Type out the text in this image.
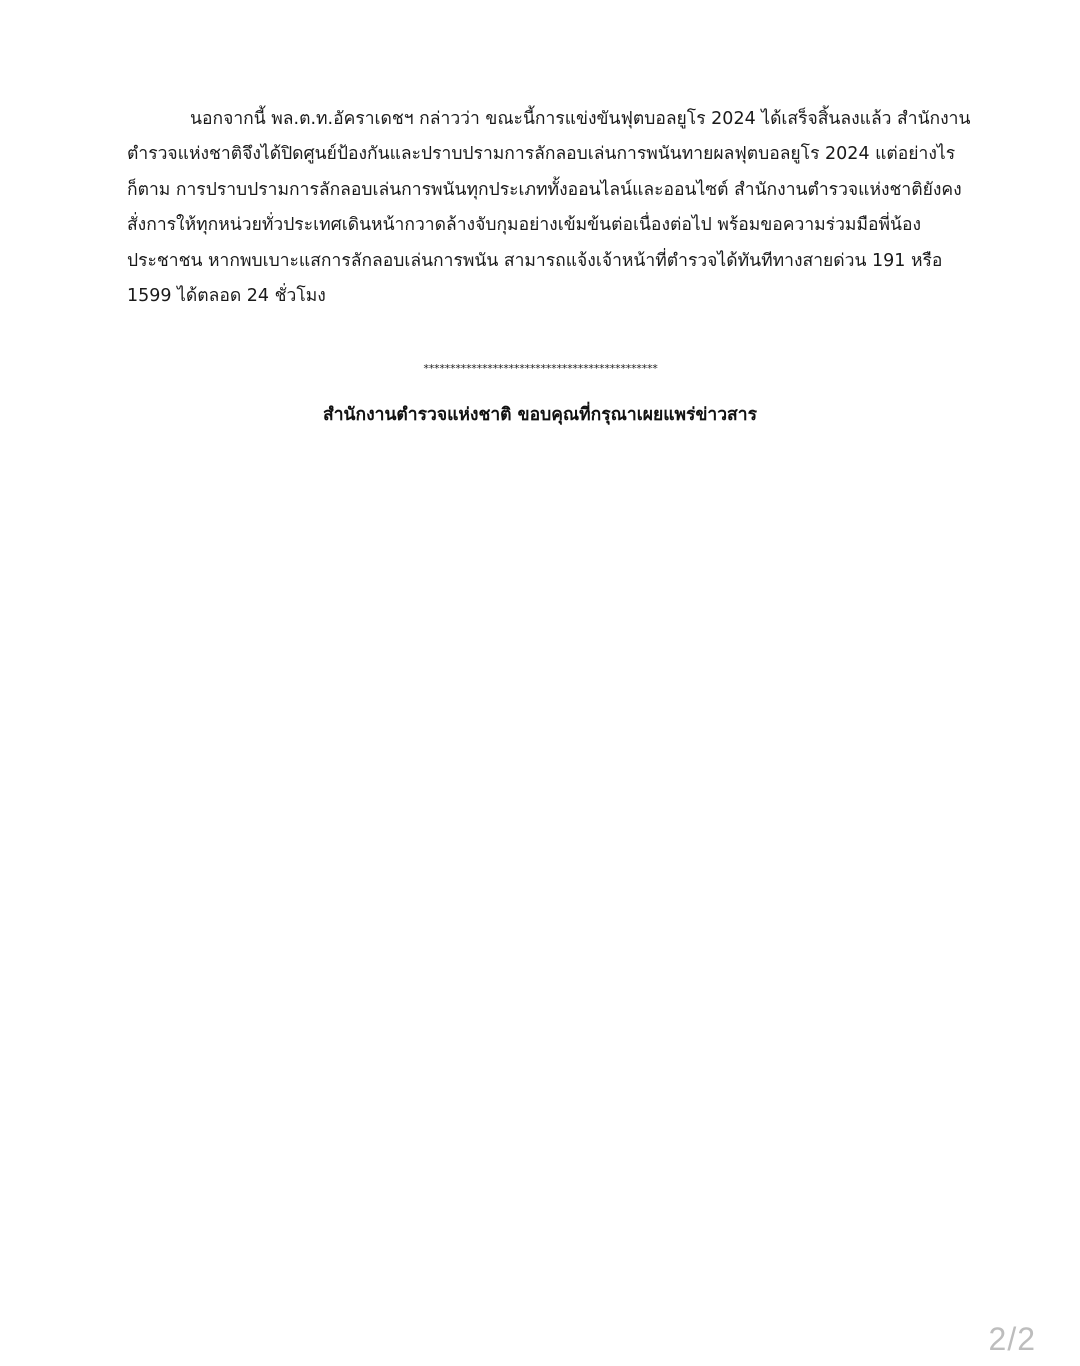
นอกจากนี้ พล.ต.ท.อัคราเดชฯ กล่าวว่า ขณะนี้การแข่งขันฟุตบอลยูโร 2024 ได้เสร็จสิ้นลงแล้ว สำนักงาน
ตำรวจแห่งชาติจึงได้ปิดศูนย์ป้องกันและปราบปรามการลักลอบเล่นการพนันทายผลฟุตบอลยูโร 2024 แต่อย่างไร
ก็ตาม การปราบปรามการลักลอบเล่นการพนันทุกประเภททั้งออนไลน์และออนไซต์ สำนักงานตำรวจแห่งชาติยังคง
สั่งการให้ทุกหน่วยทั่วประเทศเดินหน้ากวาดล้างจับกุมอย่างเข้มข้นต่อเนื่องต่อไป พร้อมขอความร่วมมือพี่น้อง
ประชาชน หากพบเบาะแสการลักลอบเล่นการพนัน สามารถแจ้งเจ้าหน้าที่ตำรวจได้ทันทีทางสายด่วน 191 หรือ
1599 ได้ตลอด 24 ชั่วโมง
********************************************
สำนักงานตำรวจแห่งชาติ ขอบคุณที่กรุณาเผยแพร่ข่าวสาร
2/2
